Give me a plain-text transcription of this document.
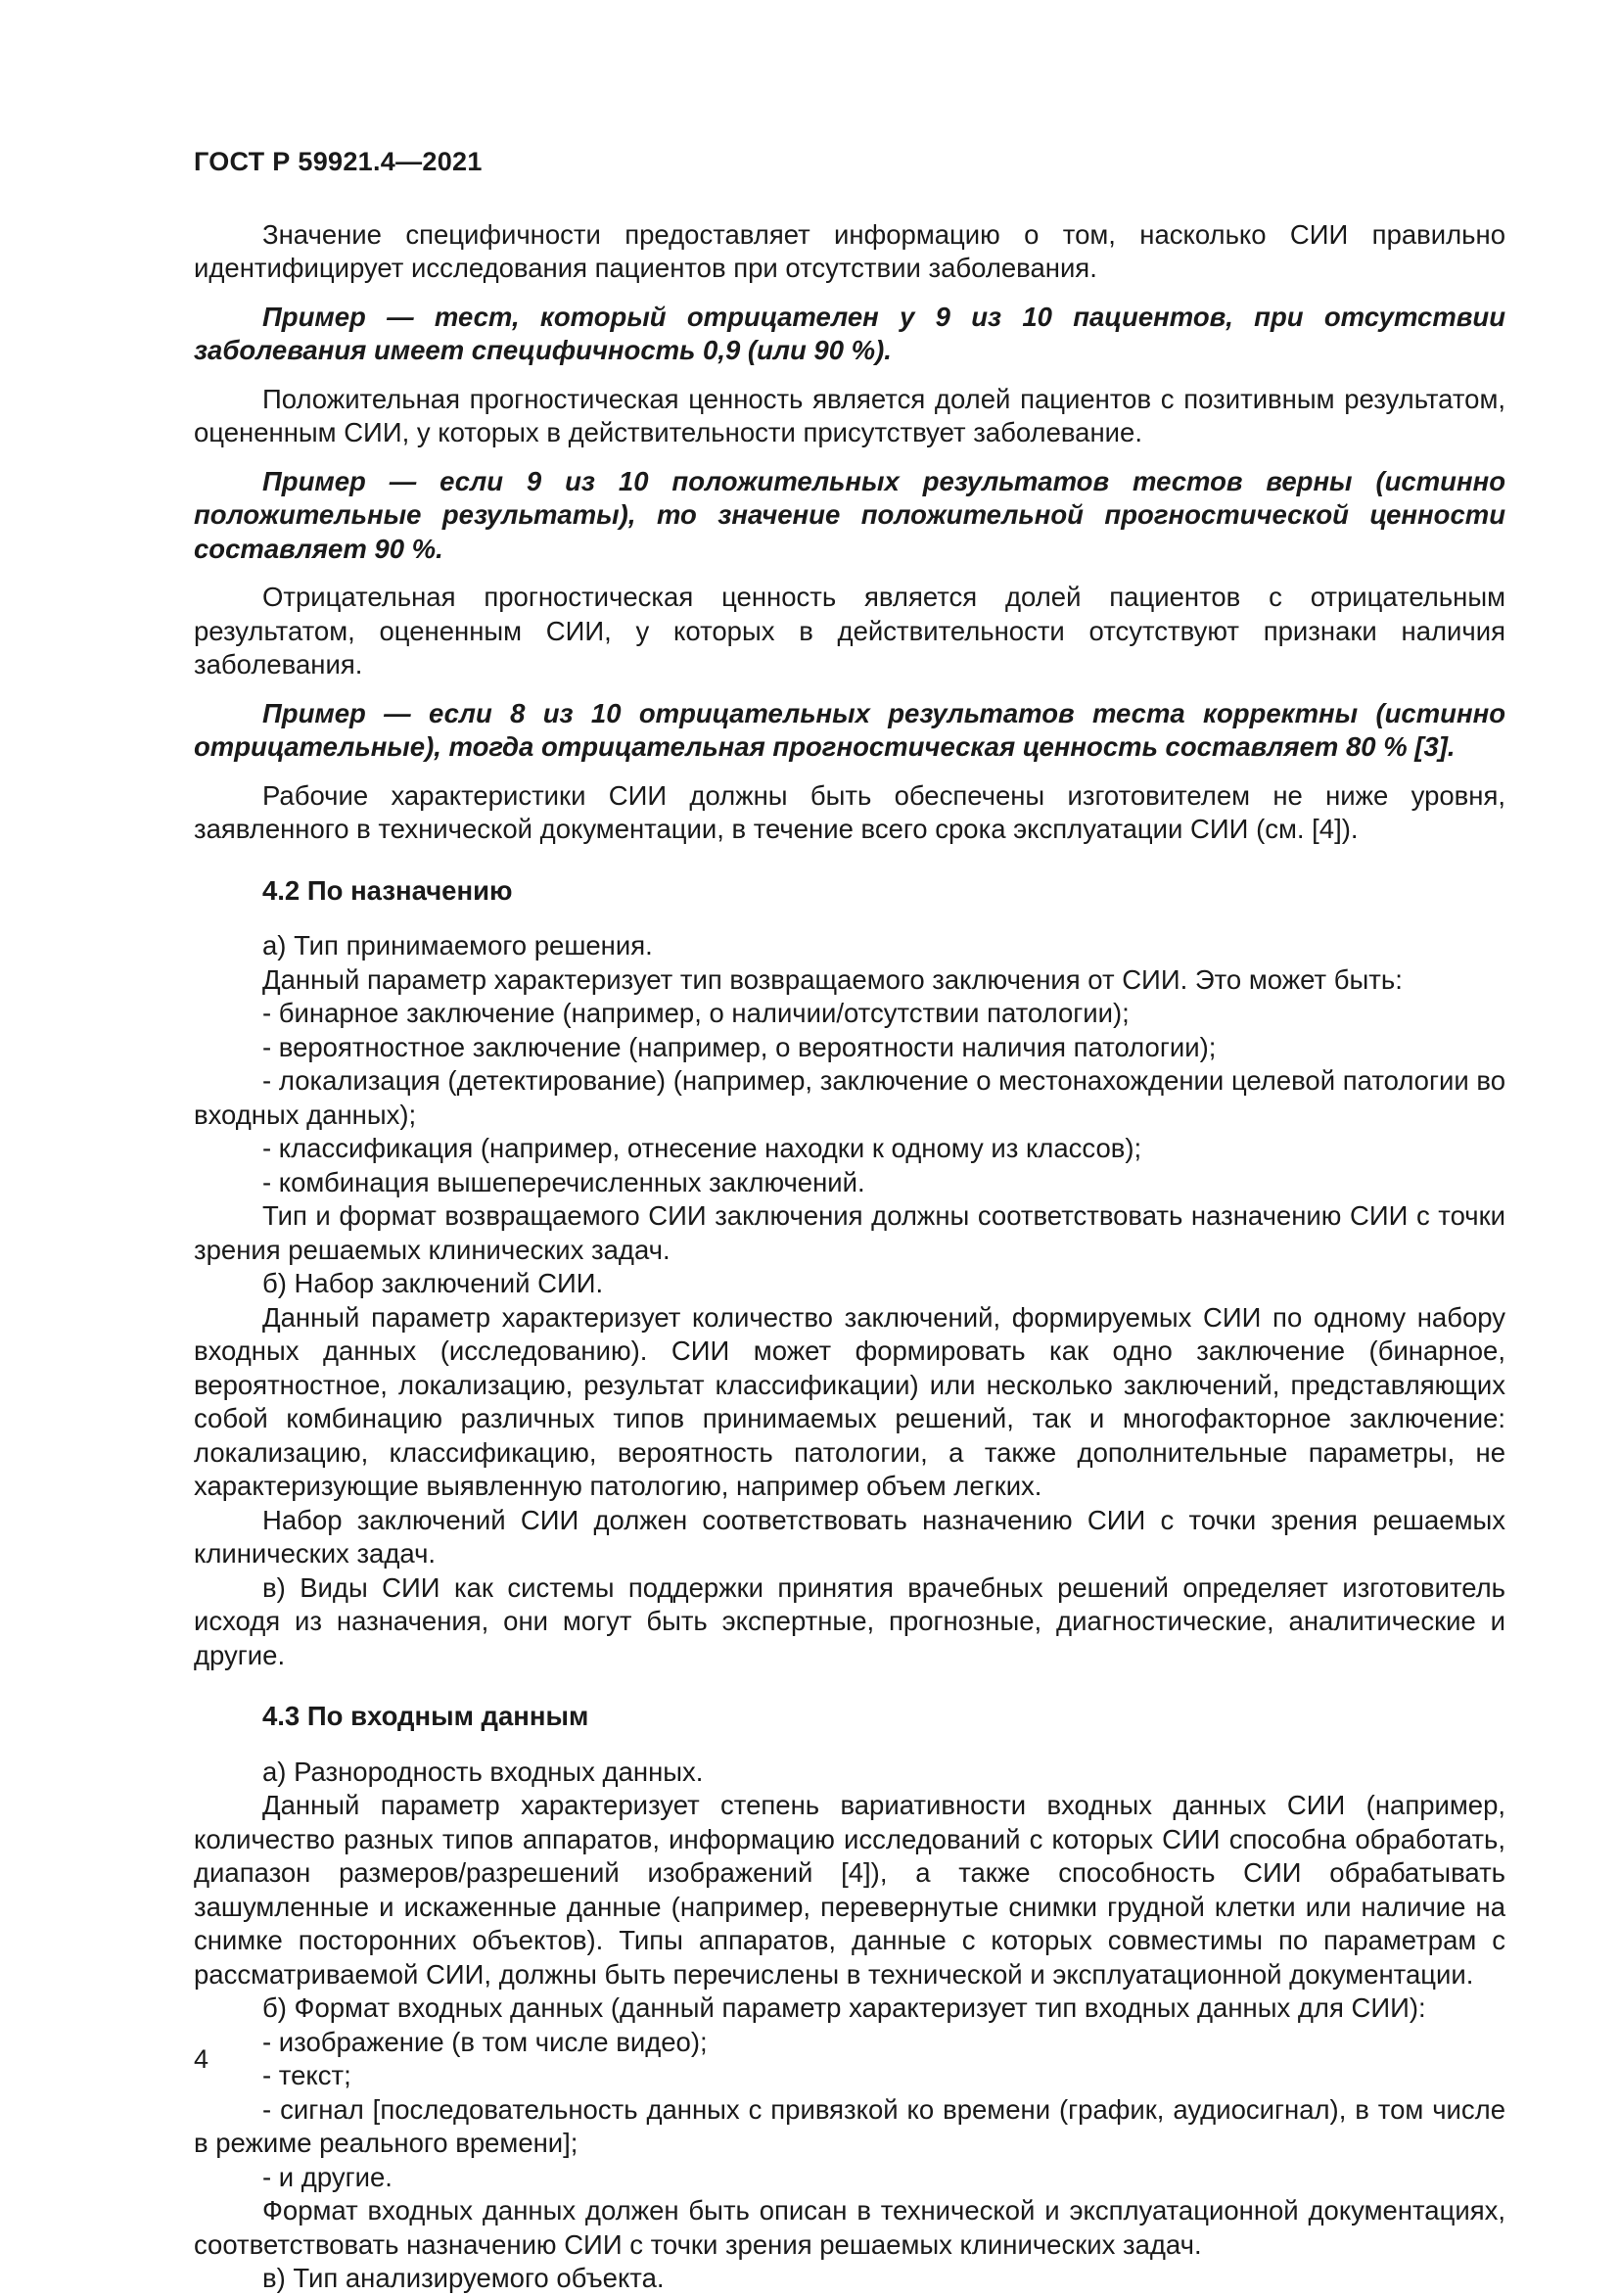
ГОСТ Р 59921.4—2021

Значение специфичности предоставляет информацию о том, насколько СИИ правильно идентифицирует исследования пациентов при отсутствии заболевания.

Пример — тест, который отрицателен у 9 из 10 пациентов, при отсутствии заболевания имеет специфичность 0,9 (или 90 %).

Положительная прогностическая ценность является долей пациентов с позитивным результатом, оцененным СИИ, у которых в действительности присутствует заболевание.

Пример — если 9 из 10 положительных результатов тестов верны (истинно положительные результаты), то значение положительной прогностической ценности составляет 90 %.

Отрицательная прогностическая ценность является долей пациентов с отрицательным результатом, оцененным СИИ, у которых в действительности отсутствуют признаки наличия заболевания.

Пример — если 8 из 10 отрицательных результатов теста корректны (истинно отрицательные), тогда отрицательная прогностическая ценность составляет 80 % [3].

Рабочие характеристики СИИ должны быть обеспечены изготовителем не ниже уровня, заявленного в технической документации, в течение всего срока эксплуатации СИИ (см. [4]).

4.2 По назначению

а) Тип принимаемого решения.

Данный параметр характеризует тип возвращаемого заключения от СИИ. Это может быть:

- бинарное заключение (например, о наличии/отсутствии патологии);

- вероятностное заключение (например, о вероятности наличия патологии);

- локализация (детектирование) (например, заключение о местонахождении целевой патологии во входных данных);

- классификация (например, отнесение находки к одному из классов);

- комбинация вышеперечисленных заключений.

Тип и формат возвращаемого СИИ заключения должны соответствовать назначению СИИ с точки зрения решаемых клинических задач.

б) Набор заключений СИИ.

Данный параметр характеризует количество заключений, формируемых СИИ по одному набору входных данных (исследованию). СИИ может формировать как одно заключение (бинарное, вероятностное, локализацию, результат классификации) или несколько заключений, представляющих собой комбинацию различных типов принимаемых решений, так и многофакторное заключение: локализацию, классификацию, вероятность патологии, а также дополнительные параметры, не характеризующие выявленную патологию, например объем легких.

Набор заключений СИИ должен соответствовать назначению СИИ с точки зрения решаемых клинических задач.

в) Виды СИИ как системы поддержки принятия врачебных решений определяет изготовитель исходя из назначения, они могут быть экспертные, прогнозные, диагностические, аналитические и другие.

4.3 По входным данным

а) Разнородность входных данных.

Данный параметр характеризует степень вариативности входных данных СИИ (например, количество разных типов аппаратов, информацию исследований с которых СИИ способна обработать, диапазон размеров/разрешений изображений [4]), а также способность СИИ обрабатывать зашумленные и искаженные данные (например, перевернутые снимки грудной клетки или наличие на снимке посторонних объектов). Типы аппаратов, данные с которых совместимы по параметрам с рассматриваемой СИИ, должны быть перечислены в технической и эксплуатационной документации.

б) Формат входных данных (данный параметр характеризует тип входных данных для СИИ):

- изображение (в том числе видео);

- текст;

- сигнал [последовательность данных с привязкой ко времени (график, аудиосигнал), в том числе в режиме реального времени];

- и другие.

Формат входных данных должен быть описан в технической и эксплуатационной документациях, соответствовать назначению СИИ с точки зрения решаемых клинических задач.

в) Тип анализируемого объекта.

4
